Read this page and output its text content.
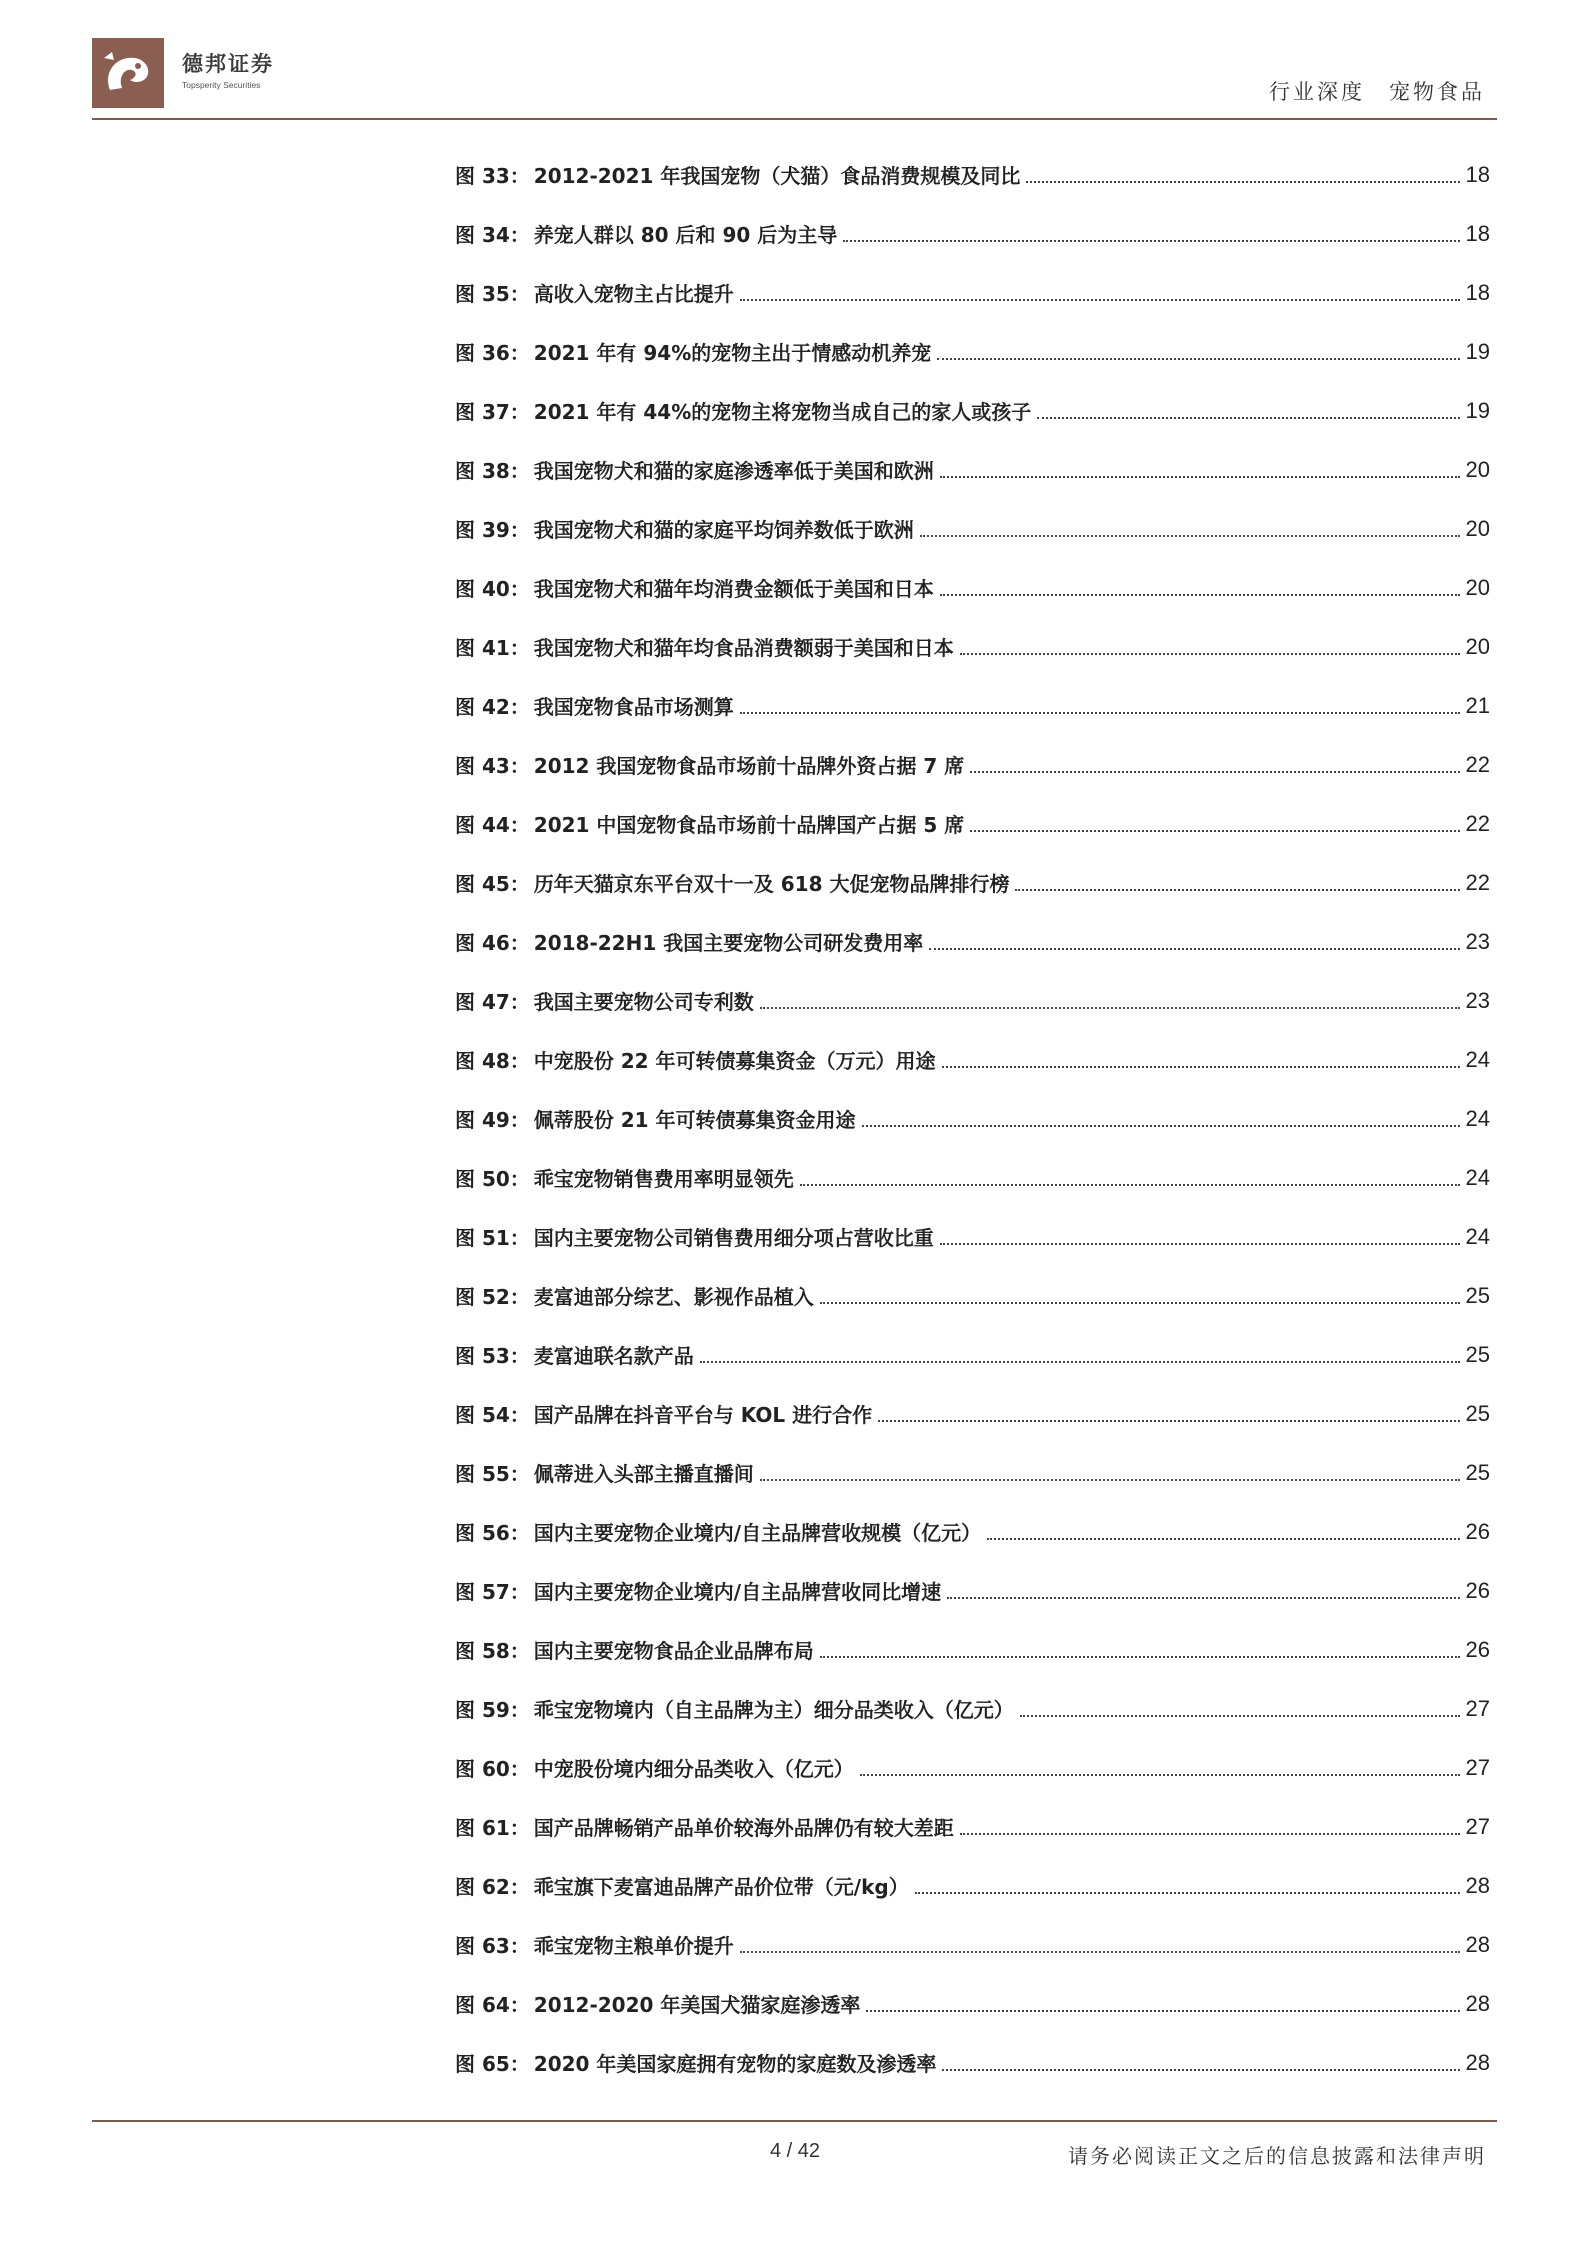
德邦证券
Topsperity Securities	行业深度 宠物食品
图 33： 2012-2021 年我国宠物（犬猫）食品消费规模及同比	18
图 34： 养宠人群以 80 后和 90 后为主导	18
图 35： 高收入宠物主占比提升	18
图 36： 2021 年有 94%的宠物主出于情感动机养宠	19
图 37： 2021 年有 44%的宠物主将宠物当成自己的家人或孩子	19
图 38： 我国宠物犬和猫的家庭渗透率低于美国和欧洲	20
图 39： 我国宠物犬和猫的家庭平均饲养数低于欧洲	20
图 40： 我国宠物犬和猫年均消费金额低于美国和日本	20
图 41： 我国宠物犬和猫年均食品消费额弱于美国和日本	20
图 42： 我国宠物食品市场测算	21
图 43： 2012 我国宠物食品市场前十品牌外资占据 7 席	22
图 44： 2021 中国宠物食品市场前十品牌国产占据 5 席	22
图 45： 历年天猫京东平台双十一及 618 大促宠物品牌排行榜	22
图 46： 2018-22H1 我国主要宠物公司研发费用率	23
图 47： 我国主要宠物公司专利数	23
图 48： 中宠股份 22 年可转债募集资金（万元）用途	24
图 49： 佩蒂股份 21 年可转债募集资金用途	24
图 50： 乖宝宠物销售费用率明显领先	24
图 51： 国内主要宠物公司销售费用细分项占营收比重	24
图 52： 麦富迪部分综艺、影视作品植入	25
图 53： 麦富迪联名款产品	25
图 54： 国产品牌在抖音平台与 KOL 进行合作	25
图 55： 佩蒂进入头部主播直播间	25
图 56： 国内主要宠物企业境内/自主品牌营收规模（亿元）	26
图 57： 国内主要宠物企业境内/自主品牌营收同比增速	26
图 58： 国内主要宠物食品企业品牌布局	26
图 59： 乖宝宠物境内（自主品牌为主）细分品类收入（亿元）	27
图 60： 中宠股份境内细分品类收入（亿元）	27
图 61： 国产品牌畅销产品单价较海外品牌仍有较大差距	27
图 62： 乖宝旗下麦富迪品牌产品价位带（元/kg）	28
图 63： 乖宝宠物主粮单价提升	28
图 64： 2012-2020 年美国犬猫家庭渗透率	28
图 65： 2020 年美国家庭拥有宠物的家庭数及渗透率	28
4 / 42	请务必阅读正文之后的信息披露和法律声明
